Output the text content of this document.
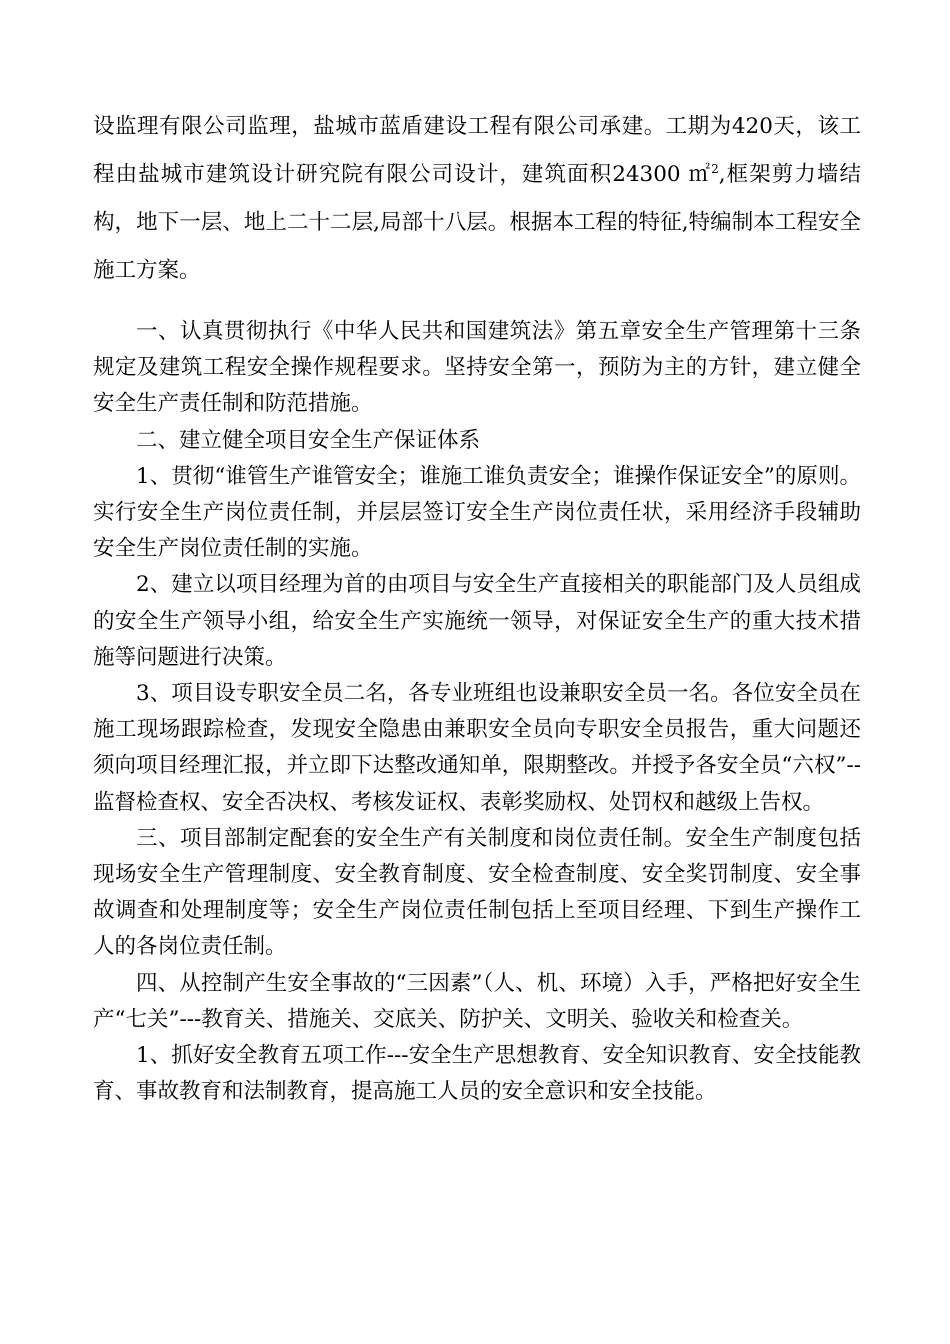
设监理有限公司监理，盐城市蓝盾建设工程有限公司承建。工期为420天，该工程由盐城市建筑设计研究院有限公司设计，建筑面积24300 ㎡$^2$,框架剪力墙结构，地下一层、地上二十二层,局部十八层。根据本工程的特征,特编制本工程安全施工方案。

一、认真贯彻执行《中华人民共和国建筑法》第五章安全生产管理第十三条规定及建筑工程安全操作规程要求。坚持安全第一，预防为主的方针，建立健全安全生产责任制和防范措施。

二、建立健全项目安全生产保证体系

1、贯彻“谁管生产谁管安全；谁施工谁负责安全；谁操作保证安全”的原则。实行安全生产岗位责任制，并层层签订安全生产岗位责任状，采用经济手段辅助安全生产岗位责任制的实施。

2、建立以项目经理为首的由项目与安全生产直接相关的职能部门及人员组成的安全生产领导小组，给安全生产实施统一领导，对保证安全生产的重大技术措施等问题进行决策。

3、项目设专职安全员二名，各专业班组也设兼职安全员一名。各位安全员在施工现场跟踪检查，发现安全隐患由兼职安全员向专职安全员报告，重大问题还须向项目经理汇报，并立即下达整改通知单，限期整改。并授予各安全员“六权”--监督检查权、安全否决权、考核发证权、表彰奖励权、处罚权和越级上告权。

三、项目部制定配套的安全生产有关制度和岗位责任制。安全生产制度包括现场安全生产管理制度、安全教育制度、安全检查制度、安全奖罚制度、安全事故调查和处理制度等；安全生产岗位责任制包括上至项目经理、下到生产操作工人的各岗位责任制。

四、从控制产生安全事故的“三因素”（人、机、环境）入手，严格把好安全生产“七关”---教育关、措施关、交底关、防护关、文明关、验收关和检查关。

1、抓好安全教育五项工作---安全生产思想教育、安全知识教育、安全技能教育、事故教育和法制教育，提高施工人员的安全意识和安全技能。
